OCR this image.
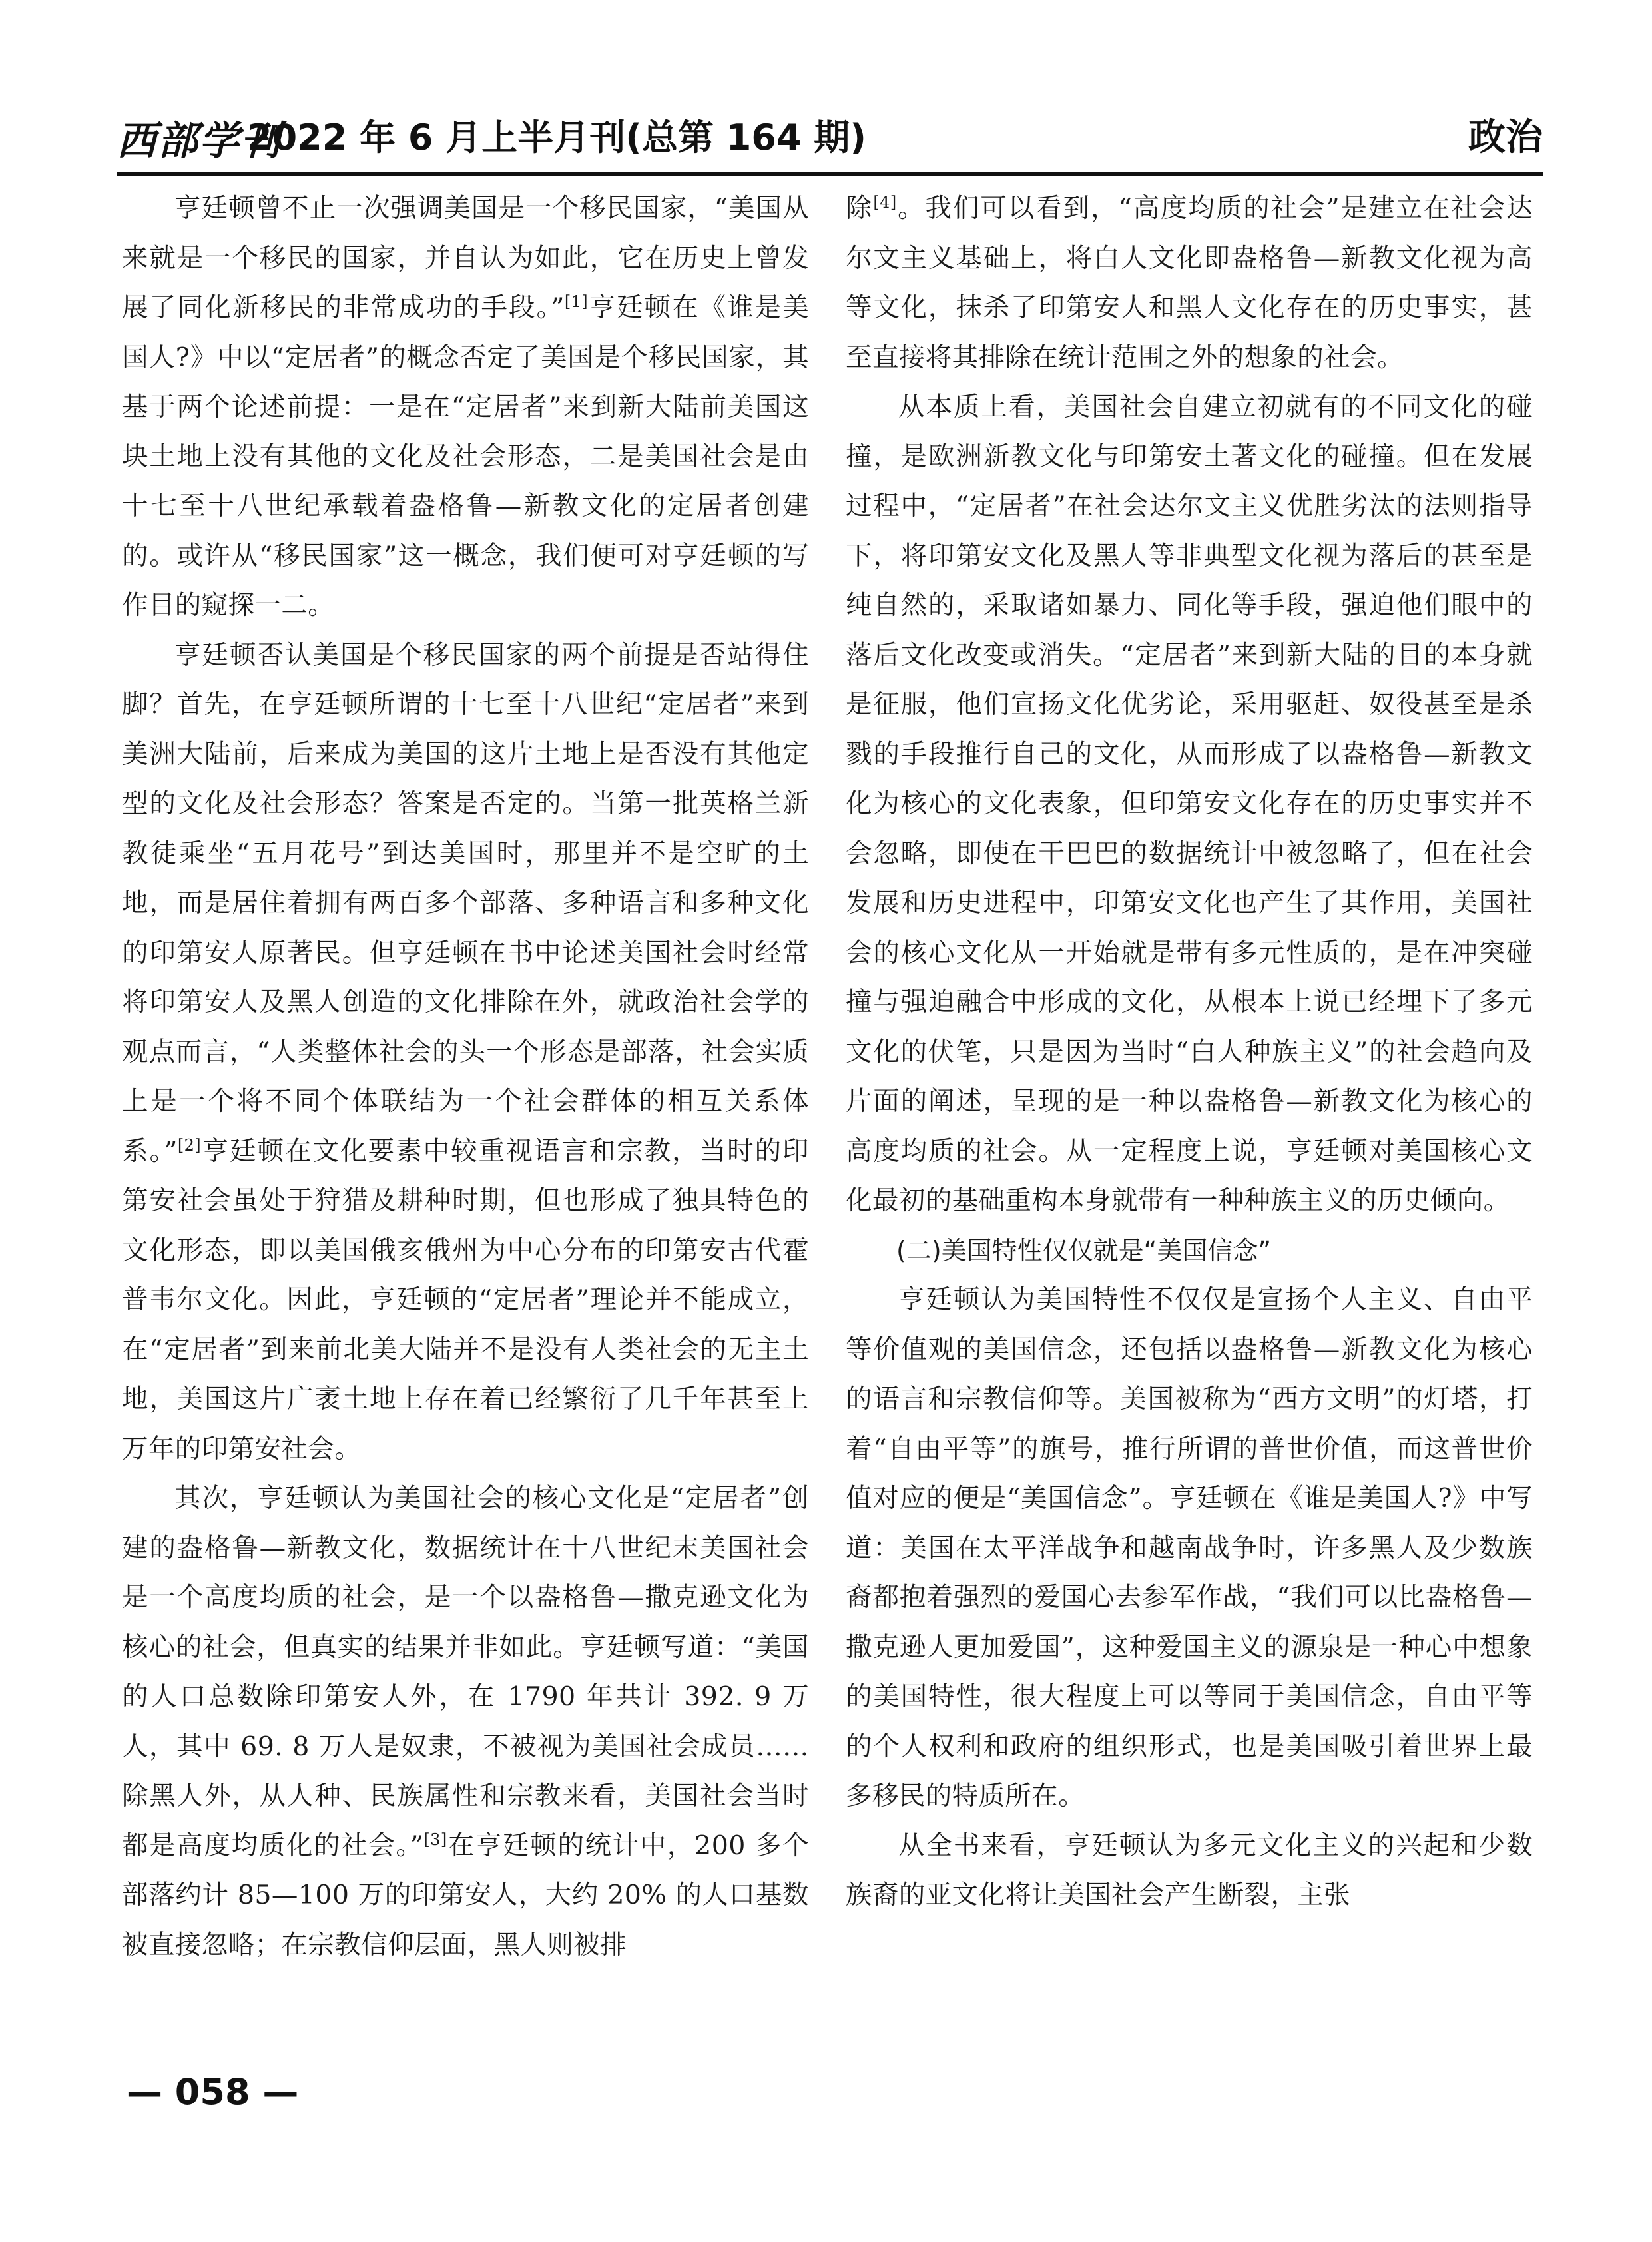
西部学刊
2022 年 6 月上半月刊(总第 164 期)	政治

亨廷顿曾不止一次强调美国是一个移民国家，“美国从来就是一个移民的国家，并自认为如此，它在历史上曾发展了同化新移民的非常成功的手段。”[1]亨廷顿在《谁是美国人?》中以“定居者”的概念否定了美国是个移民国家，其基于两个论述前提：一是在“定居者”来到新大陆前美国这块土地上没有其他的文化及社会形态，二是美国社会是由十七至十八世纪承载着盎格鲁—新教文化的定居者创建的。或许从“移民国家”这一概念，我们便可对亨廷顿的写作目的窥探一二。

亨廷顿否认美国是个移民国家的两个前提是否站得住脚？首先，在亨廷顿所谓的十七至十八世纪“定居者”来到美洲大陆前，后来成为美国的这片土地上是否没有其他定型的文化及社会形态？答案是否定的。当第一批英格兰新教徒乘坐“五月花号”到达美国时，那里并不是空旷的土地，而是居住着拥有两百多个部落、多种语言和多种文化的印第安人原著民。但亨廷顿在书中论述美国社会时经常将印第安人及黑人创造的文化排除在外，就政治社会学的观点而言，“人类整体社会的头一个形态是部落，社会实质上是一个将不同个体联结为一个社会群体的相互关系体系。”[2]亨廷顿在文化要素中较重视语言和宗教，当时的印第安社会虽处于狩猎及耕种时期，但也形成了独具特色的文化形态，即以美国俄亥俄州为中心分布的印第安古代霍普韦尔文化。因此，亨廷顿的“定居者”理论并不能成立，在“定居者”到来前北美大陆并不是没有人类社会的无主土地，美国这片广袤土地上存在着已经繁衍了几千年甚至上万年的印第安社会。

其次，亨廷顿认为美国社会的核心文化是“定居者”创建的盎格鲁—新教文化，数据统计在十八世纪末美国社会是一个高度均质的社会，是一个以盎格鲁—撒克逊文化为核心的社会，但真实的结果并非如此。亨廷顿写道：“美国的人口总数除印第安人外，在 1790 年共计 392. 9 万人，其中 69. 8 万人是奴隶，不被视为美国社会成员……除黑人外，从人种、民族属性和宗教来看，美国社会当时都是高度均质化的社会。”[3]在亨廷顿的统计中，200 多个部落约计 85—100 万的印第安人，大约 20% 的人口基数被直接忽略；在宗教信仰层面，黑人则被排

除[4]。我们可以看到，“高度均质的社会”是建立在社会达尔文主义基础上，将白人文化即盎格鲁—新教文化视为高等文化，抹杀了印第安人和黑人文化存在的历史事实，甚至直接将其排除在统计范围之外的想象的社会。

从本质上看，美国社会自建立初就有的不同文化的碰撞，是欧洲新教文化与印第安土著文化的碰撞。但在发展过程中，“定居者”在社会达尔文主义优胜劣汰的法则指导下，将印第安文化及黑人等非典型文化视为落后的甚至是纯自然的，采取诸如暴力、同化等手段，强迫他们眼中的落后文化改变或消失。“定居者”来到新大陆的目的本身就是征服，他们宣扬文化优劣论，采用驱赶、奴役甚至是杀戮的手段推行自己的文化，从而形成了以盎格鲁—新教文化为核心的文化表象，但印第安文化存在的历史事实并不会忽略，即使在干巴巴的数据统计中被忽略了，但在社会发展和历史进程中，印第安文化也产生了其作用，美国社会的核心文化从一开始就是带有多元性质的，是在冲突碰撞与强迫融合中形成的文化，从根本上说已经埋下了多元文化的伏笔，只是因为当时“白人种族主义”的社会趋向及片面的阐述，呈现的是一种以盎格鲁—新教文化为核心的高度均质的社会。从一定程度上说，亨廷顿对美国核心文化最初的基础重构本身就带有一种种族主义的历史倾向。

(二)美国特性仅仅就是“美国信念”

亨廷顿认为美国特性不仅仅是宣扬个人主义、自由平等价值观的美国信念，还包括以盎格鲁—新教文化为核心的语言和宗教信仰等。美国被称为“西方文明”的灯塔，打着“自由平等”的旗号，推行所谓的普世价值，而这普世价值对应的便是“美国信念”。亨廷顿在《谁是美国人?》中写道：美国在太平洋战争和越南战争时，许多黑人及少数族裔都抱着强烈的爱国心去参军作战，“我们可以比盎格鲁—撒克逊人更加爱国”，这种爱国主义的源泉是一种心中想象的美国特性，很大程度上可以等同于美国信念，自由平等的个人权利和政府的组织形式，也是美国吸引着世界上最多移民的特质所在。

从全书来看，亨廷顿认为多元文化主义的兴起和少数族裔的亚文化将让美国社会产生断裂，主张

— 058 —
